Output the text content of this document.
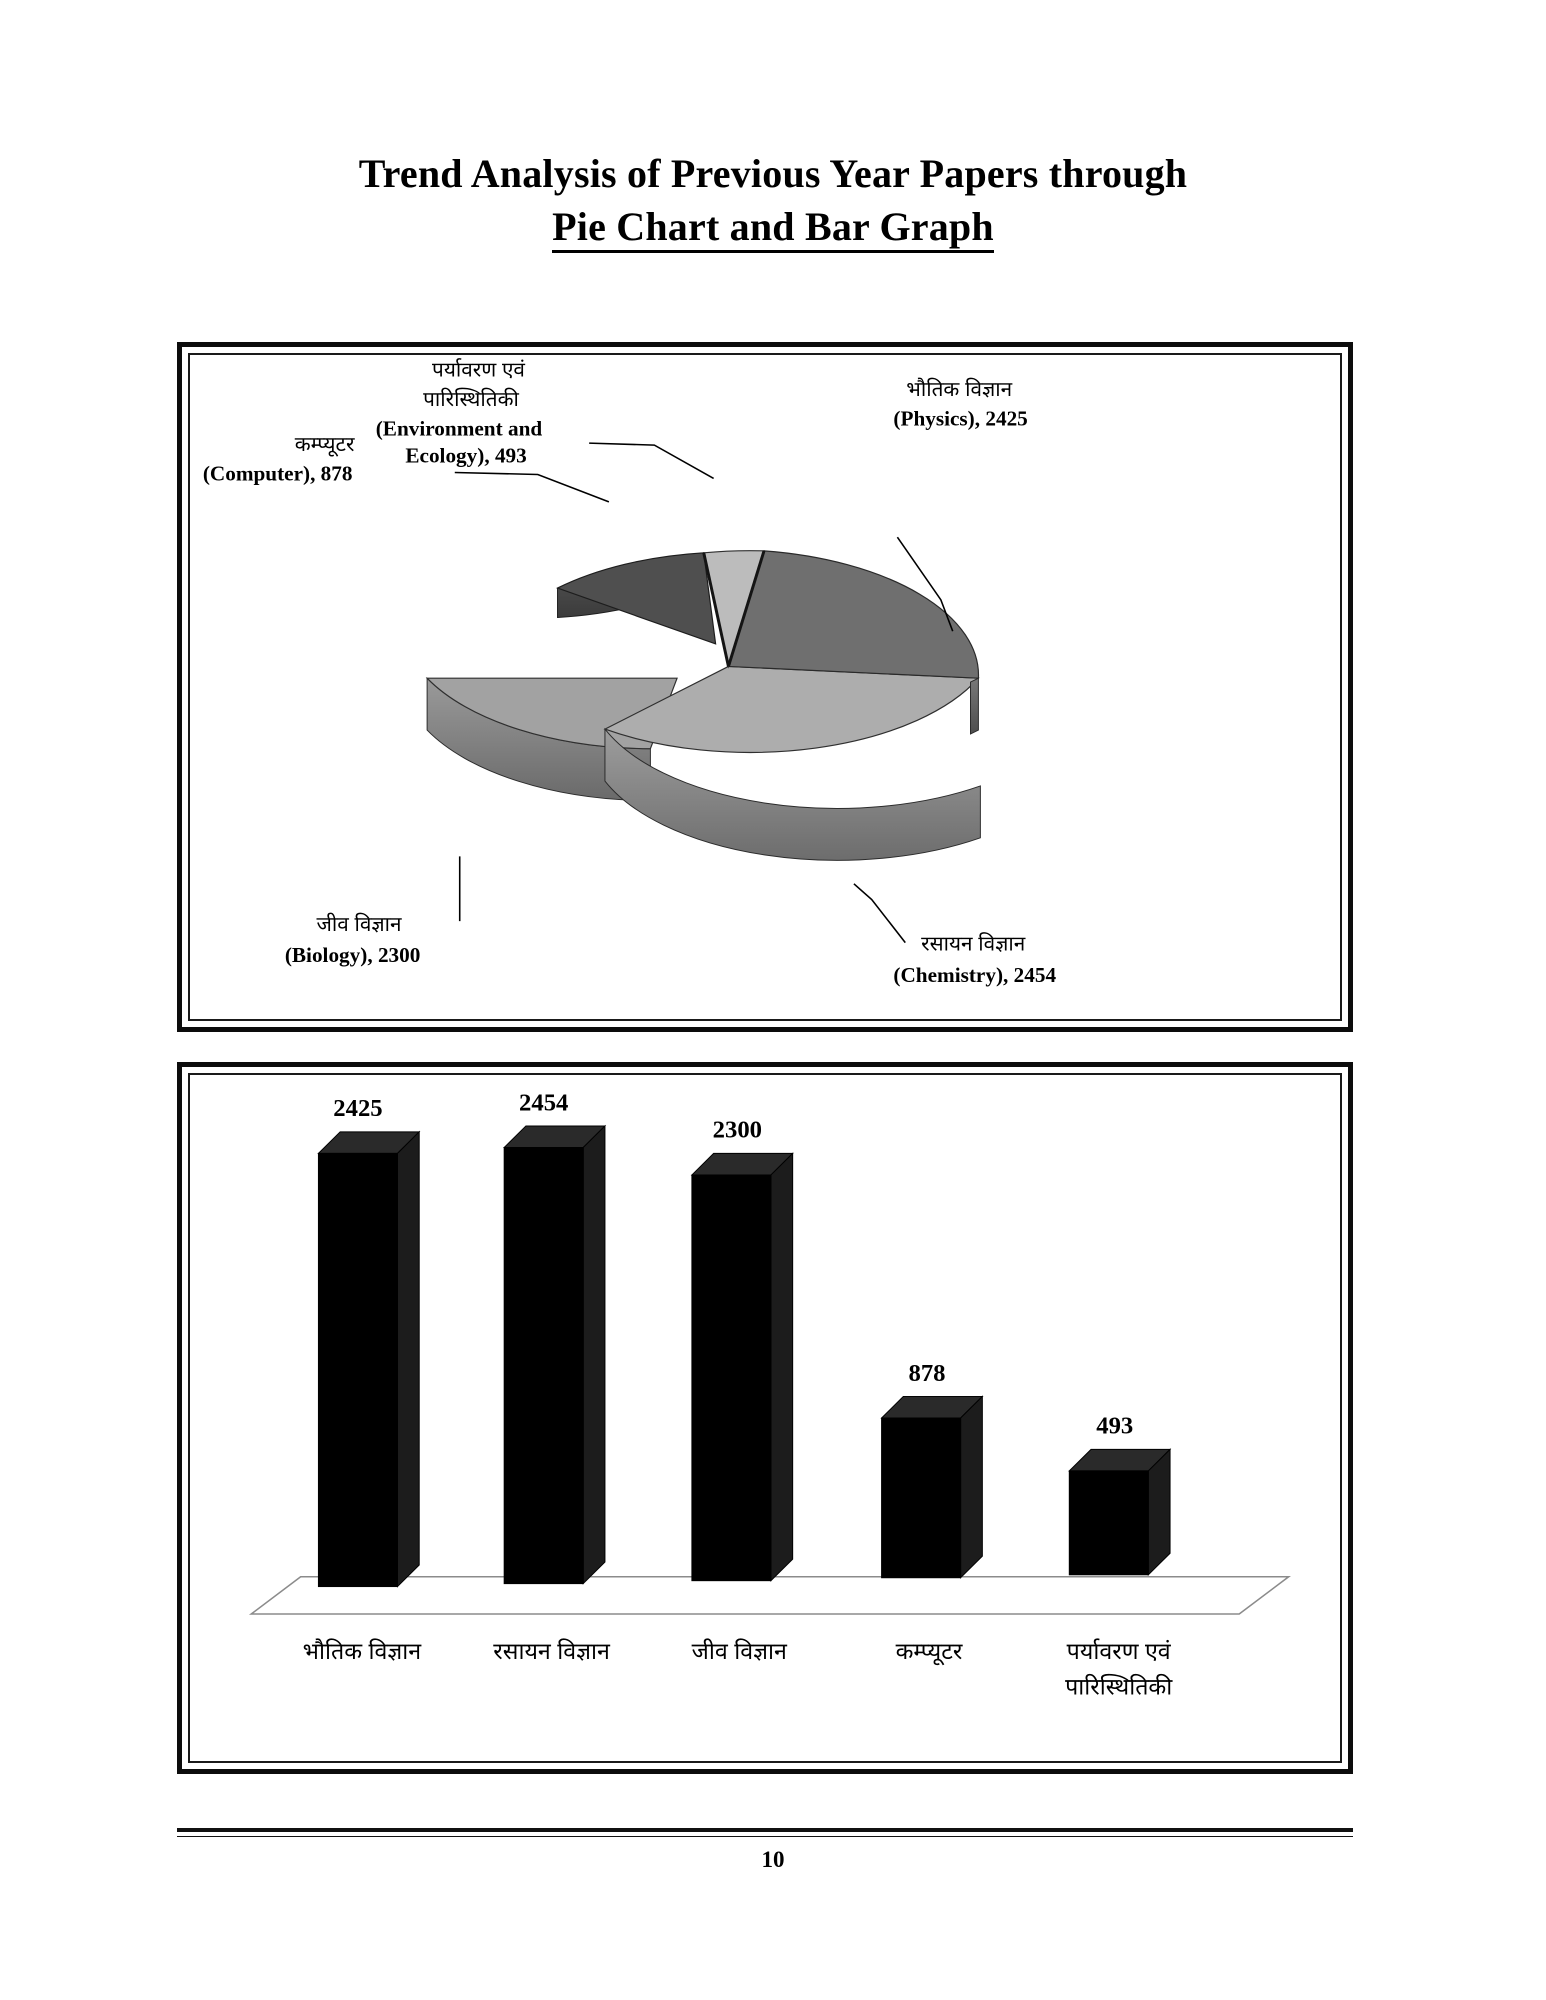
Trend Analysis of Previous Year Papers through
Pie Chart and Bar Graph
भौतिक विज्ञान
(Physics), 2425
रसायन विज्ञान
(Chemistry), 2454
जीव विज्ञान
(Biology), 2300
कम्प्यूटर
(Computer), 878
पर्यावरण एवं
पारिस्थितिकी
(Environment and
Ecology), 493
2425	2454
2300
878
493
भौतिक विज्ञान	रसायन विज्ञान	जीव विज्ञान	कम्प्यूटर	पर्यावरण एवं
पारिस्थितिकी
10
